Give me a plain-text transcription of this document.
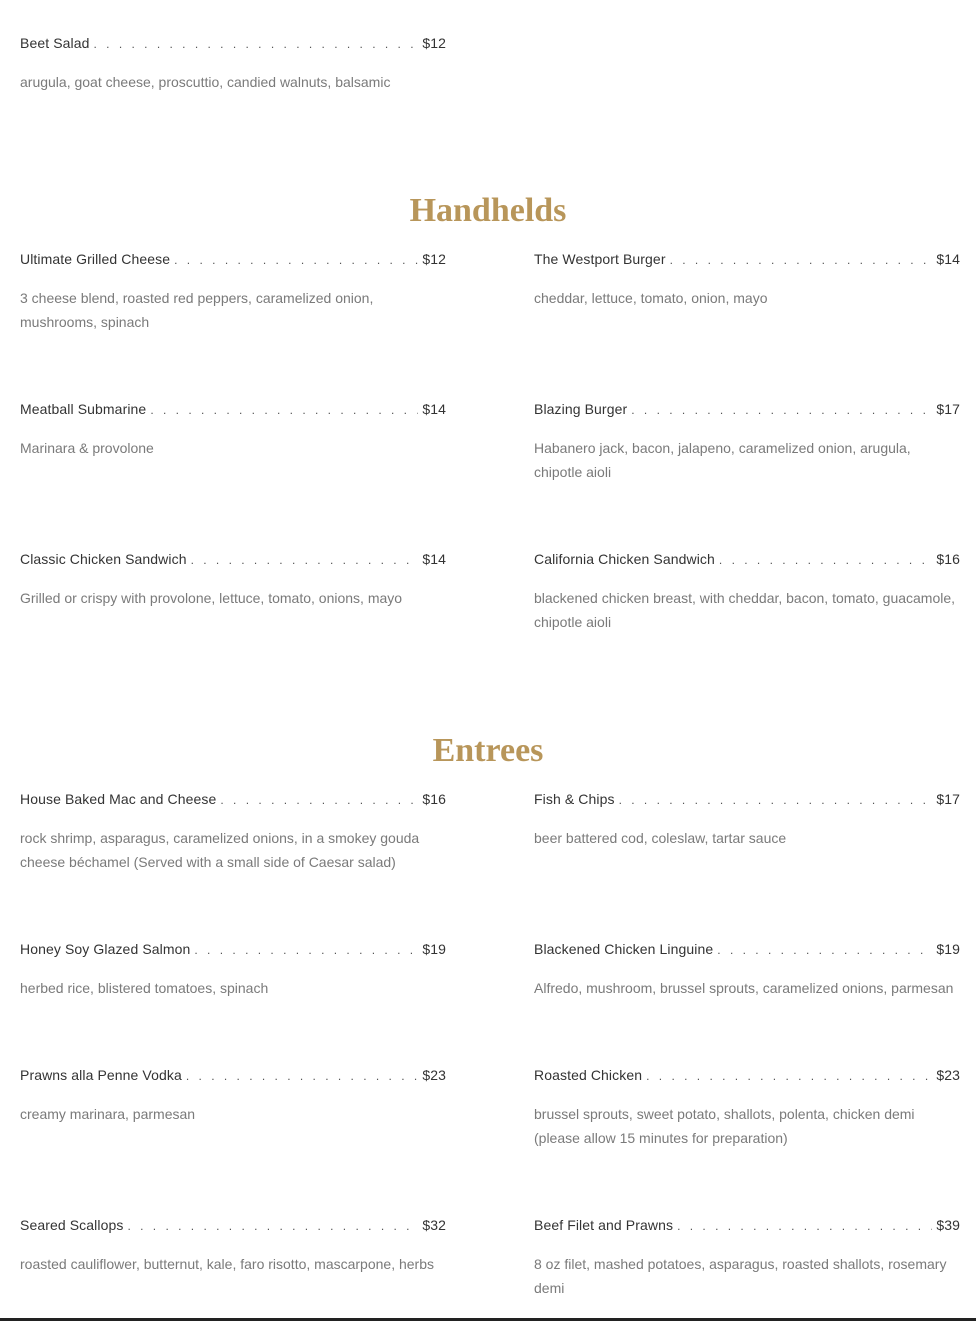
Beet Salad . . .	$12
arugula, goat cheese, proscuttio, candied walnuts, balsamic
Handhelds
Ultimate Grilled Cheese . . .	$12
3 cheese blend, roasted red peppers, caramelized onion, mushrooms, spinach
The Westport Burger . . .	$14
cheddar, lettuce, tomato, onion, mayo
Meatball Submarine . . .	$14
Marinara & provolone
Blazing Burger . . .	$17
Habanero jack, bacon, jalapeno, caramelized onion, arugula, chipotle aioli
Classic Chicken Sandwich . . .	$14
Grilled or crispy with provolone, lettuce, tomato, onions, mayo
California Chicken Sandwich . . .	$16
blackened chicken breast, with cheddar, bacon, tomato, guacamole, chipotle aioli
Entrees
House Baked Mac and Cheese . . .	$16
rock shrimp, asparagus, caramelized onions, in a smokey gouda cheese béchamel (Served with a small side of Caesar salad)
Fish & Chips . . .	$17
beer battered cod, coleslaw, tartar sauce
Honey Soy Glazed Salmon . . .	$19
herbed rice, blistered tomatoes, spinach
Blackened Chicken Linguine . . .	$19
Alfredo, mushroom, brussel sprouts, caramelized onions, parmesan
Prawns alla Penne Vodka . . .	$23
creamy marinara, parmesan
Roasted Chicken . . .	$23
brussel sprouts, sweet potato, shallots, polenta, chicken demi (please allow 15 minutes for preparation)
Seared Scallops . . .	$32
roasted cauliflower, butternut, kale, faro risotto, mascarpone, herbs
Beef Filet and Prawns . . .	$39
8 oz filet, mashed potatoes, asparagus, roasted shallots, rosemary demi
